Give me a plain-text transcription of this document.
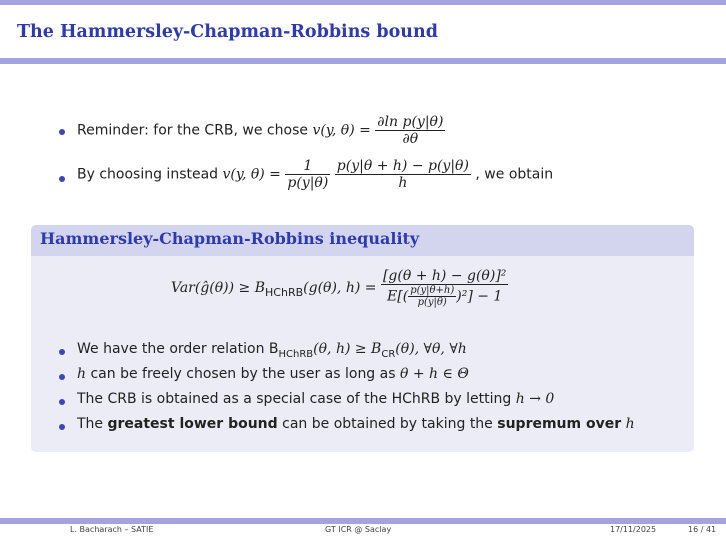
The Hammersley-Chapman-Robbins bound
Reminder: for the CRB, we chose v(y, $\theta) = \frac{\text{∂ln p(y|θ)}}{\partial\theta}$
By choosing instead v(y, $\theta) = \frac{1}{p(y|\theta)}$
$\frac{p(y|\theta + h) - p(y|\theta)}{h}$ , we obtain
Hammersley-Chapman-Robbins inequality
Var(ĝ(θ)) ≥ $B_{HChRB}(g(\theta)$, $h) = \frac{\text{[g(θ + h) − g(θ)]²}}{E[( \frac{p(y|\theta+h)}{p(y|\theta)} )^2] - 1}$
We have the order relation $B_{HChRB}(\theta$, $h) \ge B_{CR}(\theta)$, ∀θ, ∀h
h can be freely chosen by the user as long as θ + h ∈ Θ
The CRB is obtained as a special case of the HChRB by letting h → 0
The greatest lower bound can be obtained by taking the supremum over h
L. Bacharach – SATIE	GT ICR @ Saclay	17/11/2025	16 / 41
